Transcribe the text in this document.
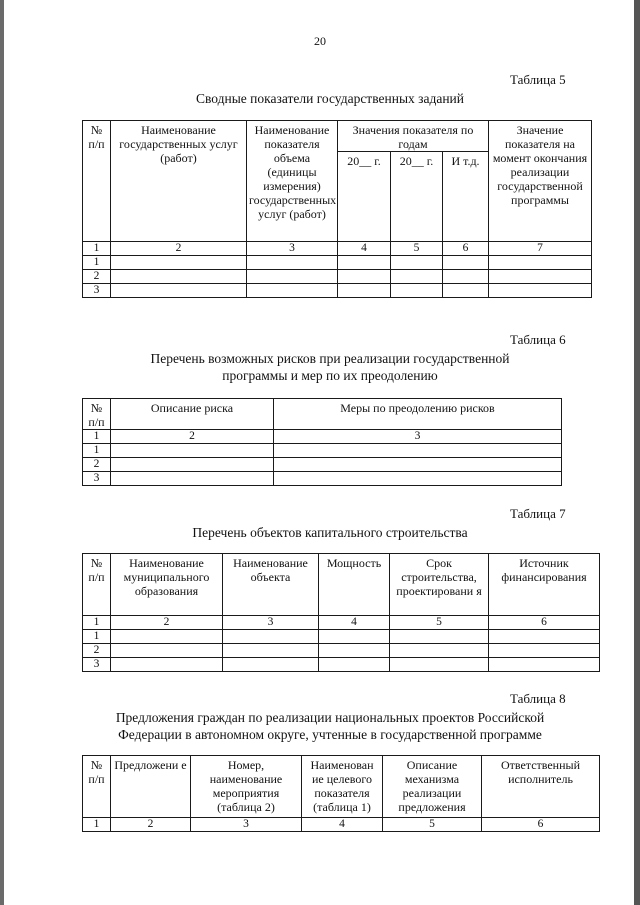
20
Таблица 5
Сводные показатели государственных заданий
№ п/п	Наименование государственных услуг (работ)	Наименование показателя объема (единицы измерения) государственных услуг (работ)	Значения показателя по годам			Значение показателя на момент окончания реализации государственной программы
			20__ г.	20__ г.	И т.д.	
1	2	3	4	5	6	7
1						
2						
3						
Таблица 6
Перечень возможных рисков при реализации государственной
программы и мер по их преодолению
№ п/п	Описание риска	Меры по преодолению рисков
1	2	3
1		
2		
3		
Таблица 7
Перечень объектов капитального строительства
№ п/п	Наименование муниципального образования	Наименование объекта	Мощность	Срок строительства, проектировани я	Источник финансирования
1	2	3	4	5	6
1					
2					
3					
Таблица 8
Предложения граждан по реализации национальных проектов Российской
Федерации в автономном округе, учтенные в государственной программе
№ п/п	Предложени е	Номер, наименование мероприятия (таблица 2)	Наименован ие целевого показателя (таблица 1)	Описание механизма реализации предложения	Ответственный исполнитель
1	2	3	4	5	6
